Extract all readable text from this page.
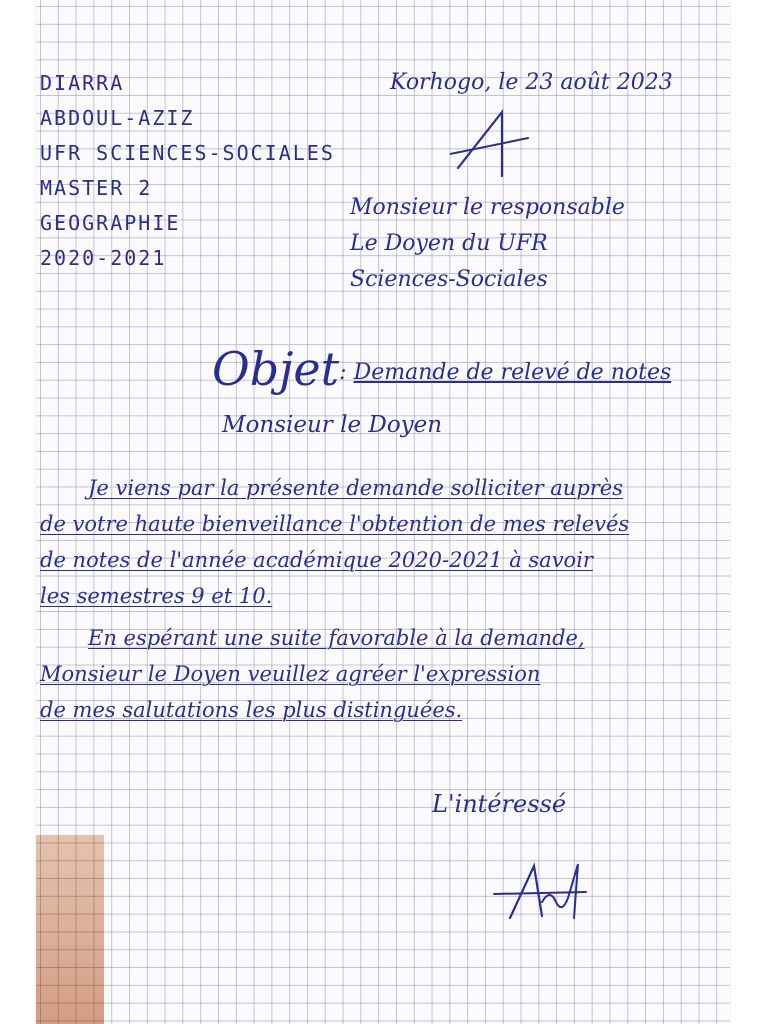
DIARRA
ABDOUL-AZIZ
UFR SCIENCES-SOCIALES
MASTER 2
GEOGRAPHIE
2020-2021
Korhogo, le 23 août 2023
Monsieur le responsable
Le Doyen du UFR
Sciences-Sociales
Objet: Demande de relevé de notes
Monsieur le Doyen
Je viens par la présente demande solliciter auprès
de votre haute bienveillance l'obtention de mes relevés
de notes de l'année académique 2020-2021 à savoir
les semestres 9 et 10.
En espérant une suite favorable à la demande,
Monsieur le Doyen veuillez agréer l'expression
de mes salutations les plus distinguées.
L'intéressé
